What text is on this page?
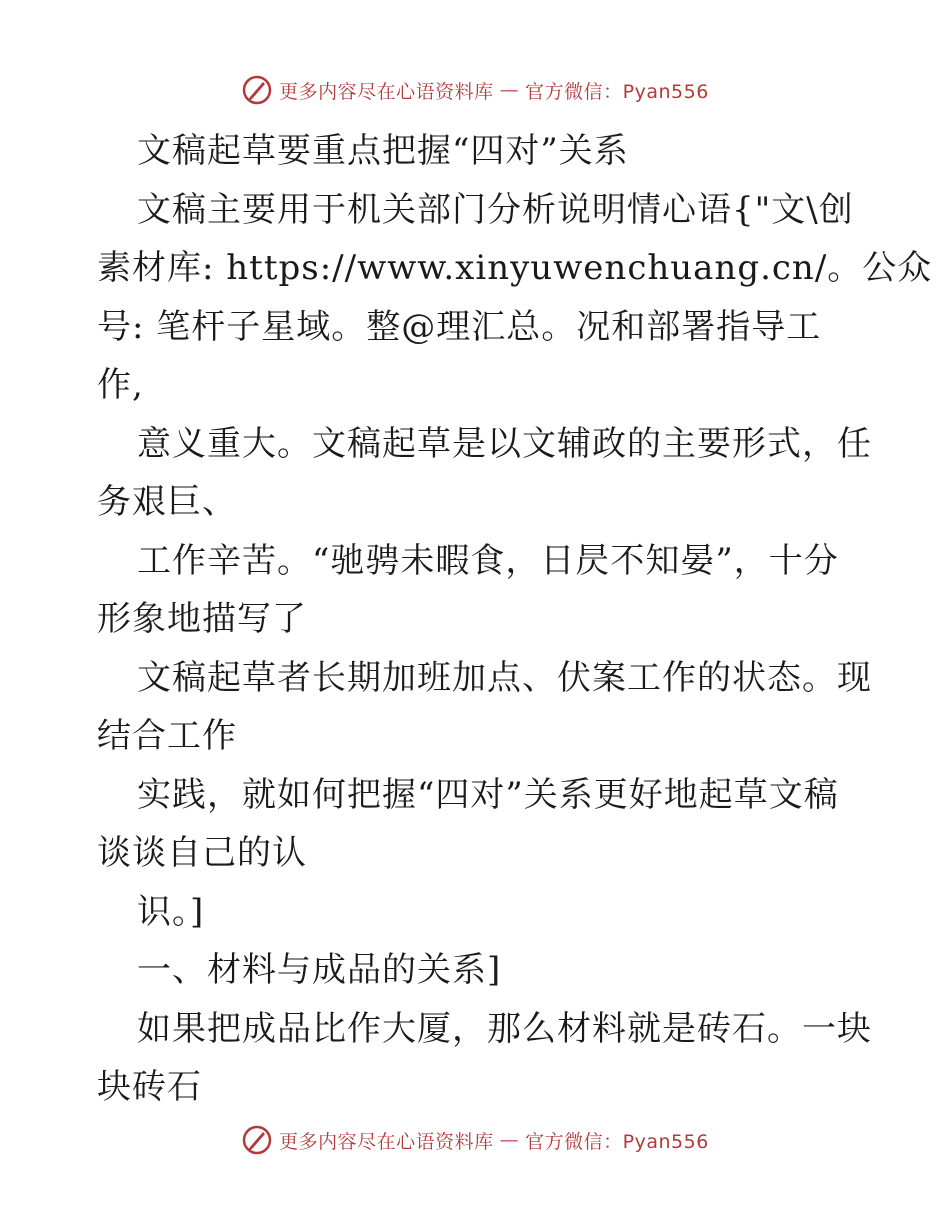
更多内容尽在心语资料库 — 官方微信：Pyan556
文稿起草要重点把握“四对”关系
文稿主要用于机关部门分析说明情心语{"文\创
素材库: https://www.xinyuwenchuang.cn/。公众
号: 笔杆子星域。整@理汇总。况和部署指导工
作,
意义重大。文稿起草是以文辅政的主要形式，任
务艰巨、
工作辛苦。“驰骋未暇食，日昃不知晏”，十分
形象地描写了
文稿起草者长期加班加点、伏案工作的状态。现
结合工作
实践，就如何把握“四对”关系更好地起草文稿
谈谈自己的认
识。]
一、材料与成品的关系]
如果把成品比作大厦，那么材料就是砖石。一块
块砖石
更多内容尽在心语资料库 — 官方微信：Pyan556
